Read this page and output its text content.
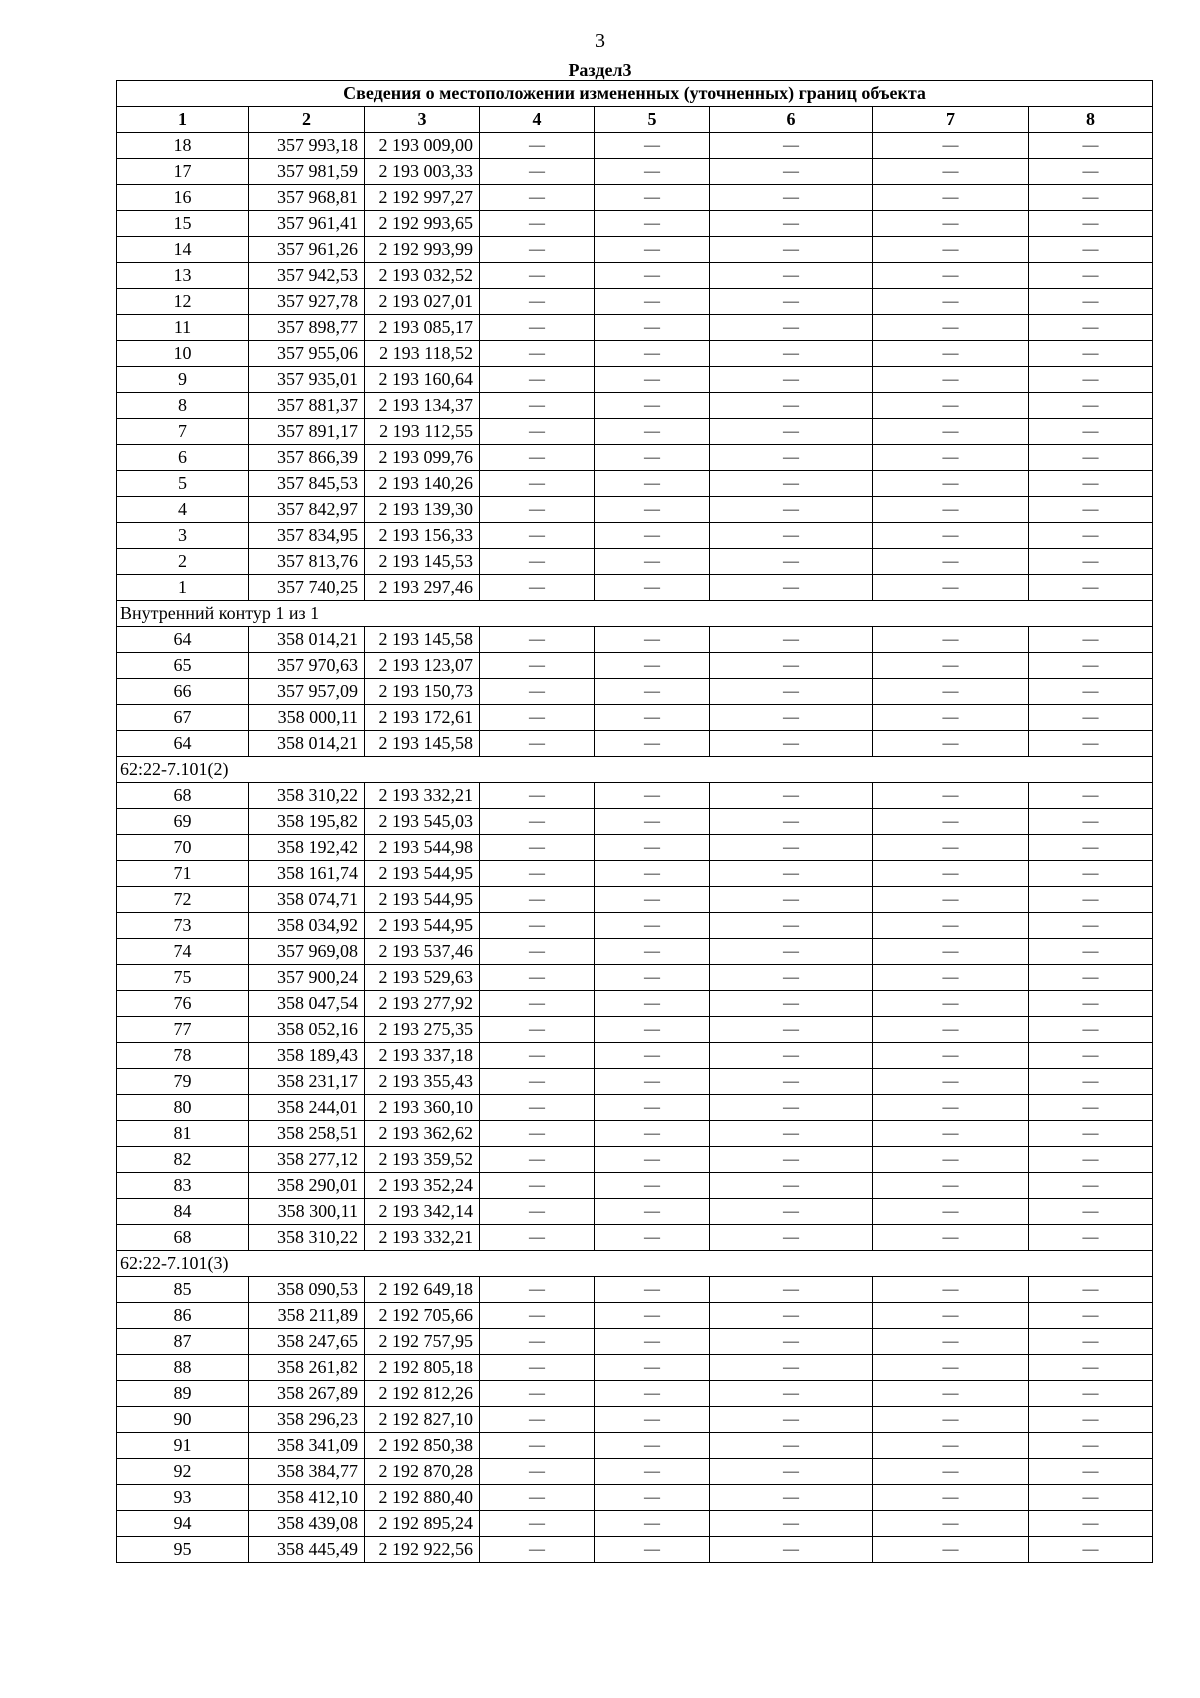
3
Раздел3
Сведения о местоположении измененных (уточненных) границ объекта							
1	2	3	4	5	6	7	8
18	357 993,18	2 193 009,00	—	—	—	—	—
17	357 981,59	2 193 003,33	—	—	—	—	—
16	357 968,81	2 192 997,27	—	—	—	—	—
15	357 961,41	2 192 993,65	—	—	—	—	—
14	357 961,26	2 192 993,99	—	—	—	—	—
13	357 942,53	2 193 032,52	—	—	—	—	—
12	357 927,78	2 193 027,01	—	—	—	—	—
11	357 898,77	2 193 085,17	—	—	—	—	—
10	357 955,06	2 193 118,52	—	—	—	—	—
9	357 935,01	2 193 160,64	—	—	—	—	—
8	357 881,37	2 193 134,37	—	—	—	—	—
7	357 891,17	2 193 112,55	—	—	—	—	—
6	357 866,39	2 193 099,76	—	—	—	—	—
5	357 845,53	2 193 140,26	—	—	—	—	—
4	357 842,97	2 193 139,30	—	—	—	—	—
3	357 834,95	2 193 156,33	—	—	—	—	—
2	357 813,76	2 193 145,53	—	—	—	—	—
1	357 740,25	2 193 297,46	—	—	—	—	—
Внутренний контур 1 из 1							
64	358 014,21	2 193 145,58	—	—	—	—	—
65	357 970,63	2 193 123,07	—	—	—	—	—
66	357 957,09	2 193 150,73	—	—	—	—	—
67	358 000,11	2 193 172,61	—	—	—	—	—
64	358 014,21	2 193 145,58	—	—	—	—	—
62:22-7.101(2)							
68	358 310,22	2 193 332,21	—	—	—	—	—
69	358 195,82	2 193 545,03	—	—	—	—	—
70	358 192,42	2 193 544,98	—	—	—	—	—
71	358 161,74	2 193 544,95	—	—	—	—	—
72	358 074,71	2 193 544,95	—	—	—	—	—
73	358 034,92	2 193 544,95	—	—	—	—	—
74	357 969,08	2 193 537,46	—	—	—	—	—
75	357 900,24	2 193 529,63	—	—	—	—	—
76	358 047,54	2 193 277,92	—	—	—	—	—
77	358 052,16	2 193 275,35	—	—	—	—	—
78	358 189,43	2 193 337,18	—	—	—	—	—
79	358 231,17	2 193 355,43	—	—	—	—	—
80	358 244,01	2 193 360,10	—	—	—	—	—
81	358 258,51	2 193 362,62	—	—	—	—	—
82	358 277,12	2 193 359,52	—	—	—	—	—
83	358 290,01	2 193 352,24	—	—	—	—	—
84	358 300,11	2 193 342,14	—	—	—	—	—
68	358 310,22	2 193 332,21	—	—	—	—	—
62:22-7.101(3)							
85	358 090,53	2 192 649,18	—	—	—	—	—
86	358 211,89	2 192 705,66	—	—	—	—	—
87	358 247,65	2 192 757,95	—	—	—	—	—
88	358 261,82	2 192 805,18	—	—	—	—	—
89	358 267,89	2 192 812,26	—	—	—	—	—
90	358 296,23	2 192 827,10	—	—	—	—	—
91	358 341,09	2 192 850,38	—	—	—	—	—
92	358 384,77	2 192 870,28	—	—	—	—	—
93	358 412,10	2 192 880,40	—	—	—	—	—
94	358 439,08	2 192 895,24	—	—	—	—	—
95	358 445,49	2 192 922,56	—	—	—	—	—
